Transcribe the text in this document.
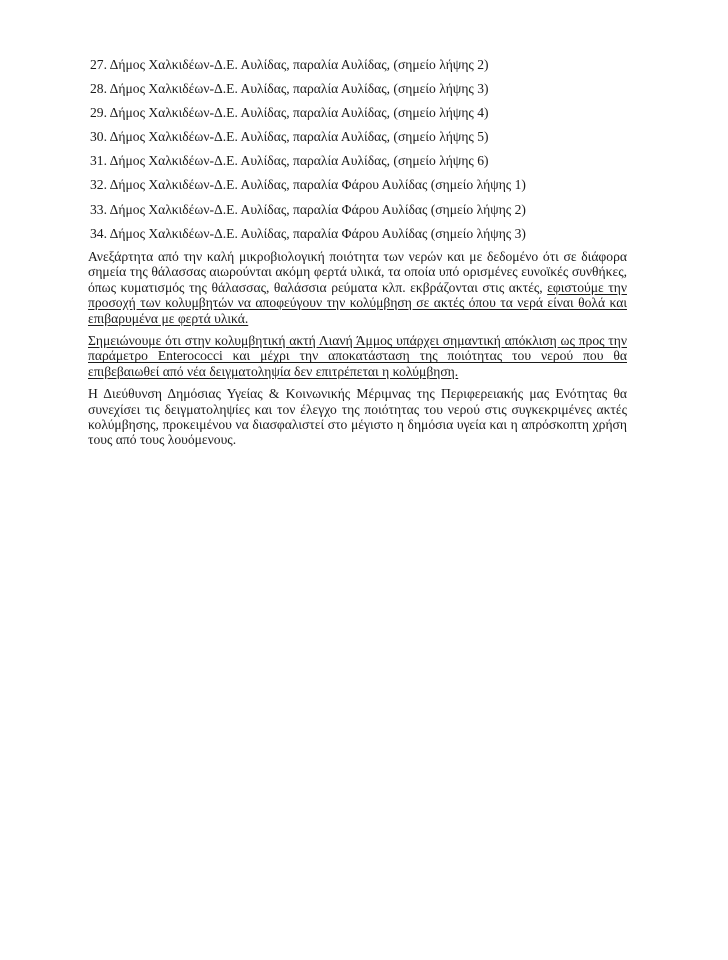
27. Δήμος Χαλκιδέων-Δ.Ε. Αυλίδας, παραλία Αυλίδας, (σημείο λήψης 2)
28. Δήμος Χαλκιδέων-Δ.Ε. Αυλίδας, παραλία Αυλίδας, (σημείο λήψης 3)
29. Δήμος Χαλκιδέων-Δ.Ε. Αυλίδας, παραλία Αυλίδας, (σημείο λήψης 4)
30. Δήμος Χαλκιδέων-Δ.Ε. Αυλίδας, παραλία Αυλίδας, (σημείο λήψης 5)
31. Δήμος Χαλκιδέων-Δ.Ε. Αυλίδας, παραλία Αυλίδας, (σημείο λήψης 6)
32. Δήμος Χαλκιδέων-Δ.Ε. Αυλίδας, παραλία Φάρου Αυλίδας (σημείο λήψης 1)
33. Δήμος Χαλκιδέων-Δ.Ε. Αυλίδας, παραλία Φάρου Αυλίδας (σημείο λήψης 2)
34. Δήμος Χαλκιδέων-Δ.Ε. Αυλίδας, παραλία Φάρου Αυλίδας (σημείο λήψης 3)

Ανεξάρτητα από την καλή μικροβιολογική ποιότητα των νερών και με δεδομένο ότι σε διάφορα σημεία της θάλασσας αιωρούνται ακόμη φερτά υλικά, τα οποία υπό ορισμένες ευνοϊκές συνθήκες, όπως κυματισμός της θάλασσας, θαλάσσια ρεύματα κλπ. εκβράζονται στις ακτές, εφιστούμε την προσοχή των κολυμβητών να αποφεύγουν την κολύμβηση σε ακτές όπου τα νερά είναι θολά και επιβαρυμένα με φερτά υλικά.

Σημειώνουμε ότι στην κολυμβητική ακτή Λιανή Άμμος υπάρχει σημαντική απόκλιση ως προς την παράμετρο Enterococci και μέχρι την αποκατάσταση της ποιότητας του νερού που θα επιβεβαιωθεί από νέα δειγματοληψία δεν επιτρέπεται η κολύμβηση.

Η Διεύθυνση Δημόσιας Υγείας & Κοινωνικής Μέριμνας της Περιφερειακής μας Ενότητας θα συνεχίσει τις δειγματοληψίες και τον έλεγχο της ποιότητας του νερού στις συγκεκριμένες ακτές κολύμβησης, προκειμένου να διασφαλιστεί στο μέγιστο η δημόσια υγεία και η απρόσκοπτη χρήση τους από τους λουόμενους.
